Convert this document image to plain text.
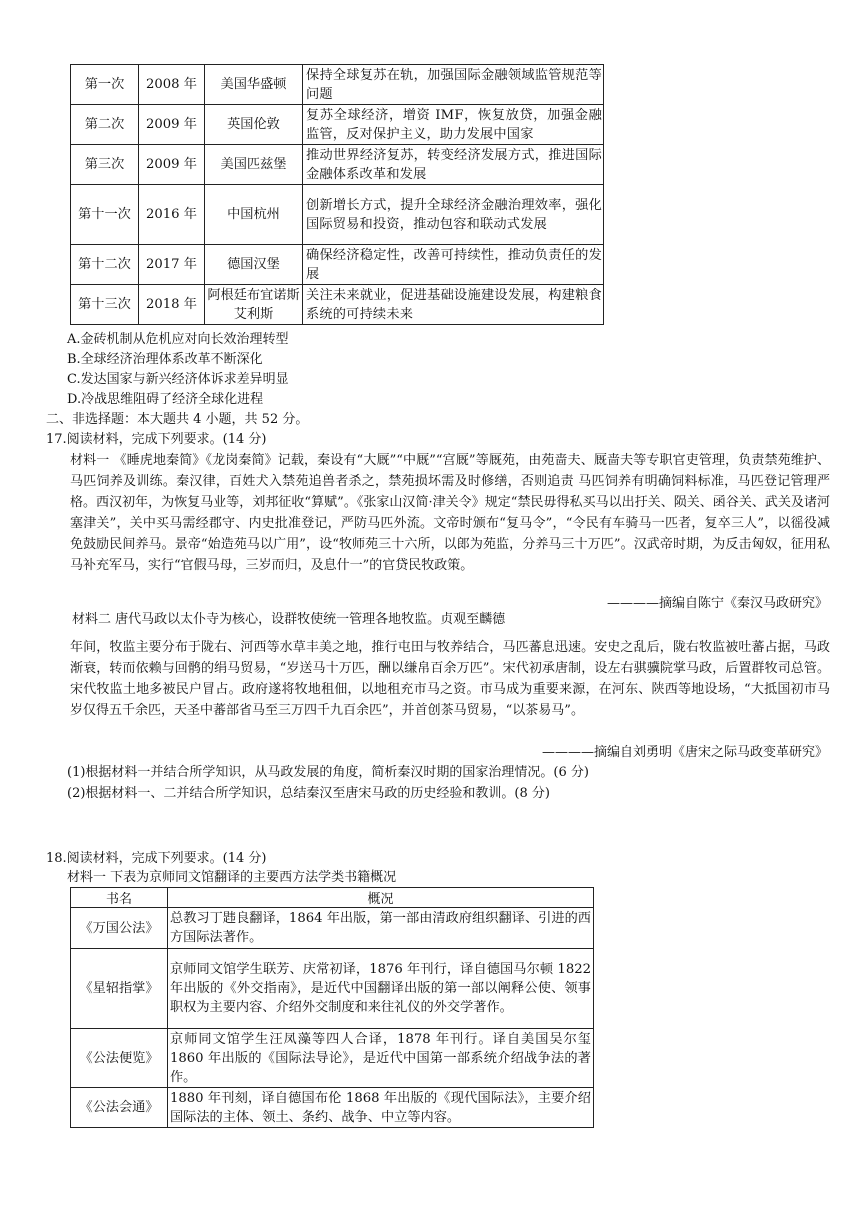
第一次	2008 年	美国华盛顿	保持全球复苏在轨，加强国际金融领域监管规范等问题
第二次	2009 年	英国伦敦	复苏全球经济，增资 IMF，恢复放贷，加强金融监管，反对保护主义，助力发展中国家
第三次	2009 年	美国匹兹堡	推动世界经济复苏，转变经济发展方式，推进国际金融体系改革和发展
第十一次	2016 年	中国杭州	创新增长方式，提升全球经济金融治理效率，强化国际贸易和投资，推动包容和联动式发展
第十二次	2017 年	德国汉堡	确保经济稳定性，改善可持续性，推动负责任的发展
第十三次	2018 年	阿根廷布宜诺斯艾利斯	关注未来就业，促进基础设施建设发展，构建粮食系统的可持续未来
A.金砖机制从危机应对向长效治理转型
B.全球经济治理体系改革不断深化
C.发达国家与新兴经济体诉求差异明显
D.冷战思维阻碍了经济全球化进程
二、非选择题：本大题共 4 小题，共 52 分。
17.阅读材料，完成下列要求。(14 分)
材料一 《睡虎地秦简》《龙岗秦简》记载，秦设有“大厩”“中厩”“宫厩”等厩苑，由苑啬夫、厩啬夫等专职官吏管理，负责禁苑维护、马匹饲养及训练。秦汉律，百姓犬入禁苑追兽者杀之，禁苑损坏需及时修缮，否则追责 马匹饲养有明确饲料标准，马匹登记管理严格。西汉初年，为恢复马业等，刘邦征收“算赋”。《张家山汉简·津关令》规定“禁民毋得私买马以出扜关、陨关、函谷关、武关及诸河塞津关”，关中买马需经郡守、内史批准登记，严防马匹外流。文帝时颁布“复马令”，“令民有车骑马一匹者，复卒三人”，以徭役减免鼓励民间养马。景帝“始造苑马以广用”，设“牧师苑三十六所，以郎为苑监，分养马三十万匹”。汉武帝时期，为反击匈奴，征用私马补充军马，实行“官假马母，三岁而归，及息什一”的官贷民牧政策。
————摘编自陈宁《秦汉马政研究》
材料二 唐代马政以太仆寺为核心，设群牧使统一管理各地牧监。贞观至麟德
年间，牧监主要分布于陇右、河西等水草丰美之地，推行屯田与牧养结合，马匹蕃息迅速。安史之乱后，陇右牧监被吐蕃占据，马政渐衰，转而依赖与回鹘的绢马贸易，“岁送马十万匹，酬以缣帛百余万匹”。宋代初承唐制，设左右骐骥院掌马政，后置群牧司总管。宋代牧监土地多被民户冒占。政府遂将牧地租佃，以地租充市马之资。市马成为重要来源，在河东、陕西等地设场，“大抵国初市马岁仅得五千余匹，天圣中蕃部省马至三万四千九百余匹”，并首创茶马贸易，“以茶易马”。
————摘编自刘勇明《唐宋之际马政变革研究》
(1)根据材料一并结合所学知识，从马政发展的角度，简析秦汉时期的国家治理情况。(6 分)
(2)根据材料一、二并结合所学知识，总结秦汉至唐宋马政的历史经验和教训。(8 分)
18.阅读材料，完成下列要求。(14 分)
材料一 下表为京师同文馆翻译的主要西方法学类书籍概况
书名	概况
《万国公法》	总教习丁韪良翻译，1864 年出版，第一部由清政府组织翻译、引进的西方国际法著作。
《星轺指掌》	京师同文馆学生联芳、庆常初译，1876 年刊行，译自德国马尔顿 1822 年出版的《外交指南》，是近代中国翻译出版的第一部以阐释公使、领事职权为主要内容、介绍外交制度和来往礼仪的外交学著作。
《公法便览》	京师同文馆学生汪凤藻等四人合译，1878 年刊行。译自美国吴尔玺 1860 年出版的《国际法导论》，是近代中国第一部系统介绍战争法的著作。
《公法会通》	1880 年刊刻，译自德国布伦 1868 年出版的《现代国际法》，主要介绍国际法的主体、领土、条约、战争、中立等内容。
